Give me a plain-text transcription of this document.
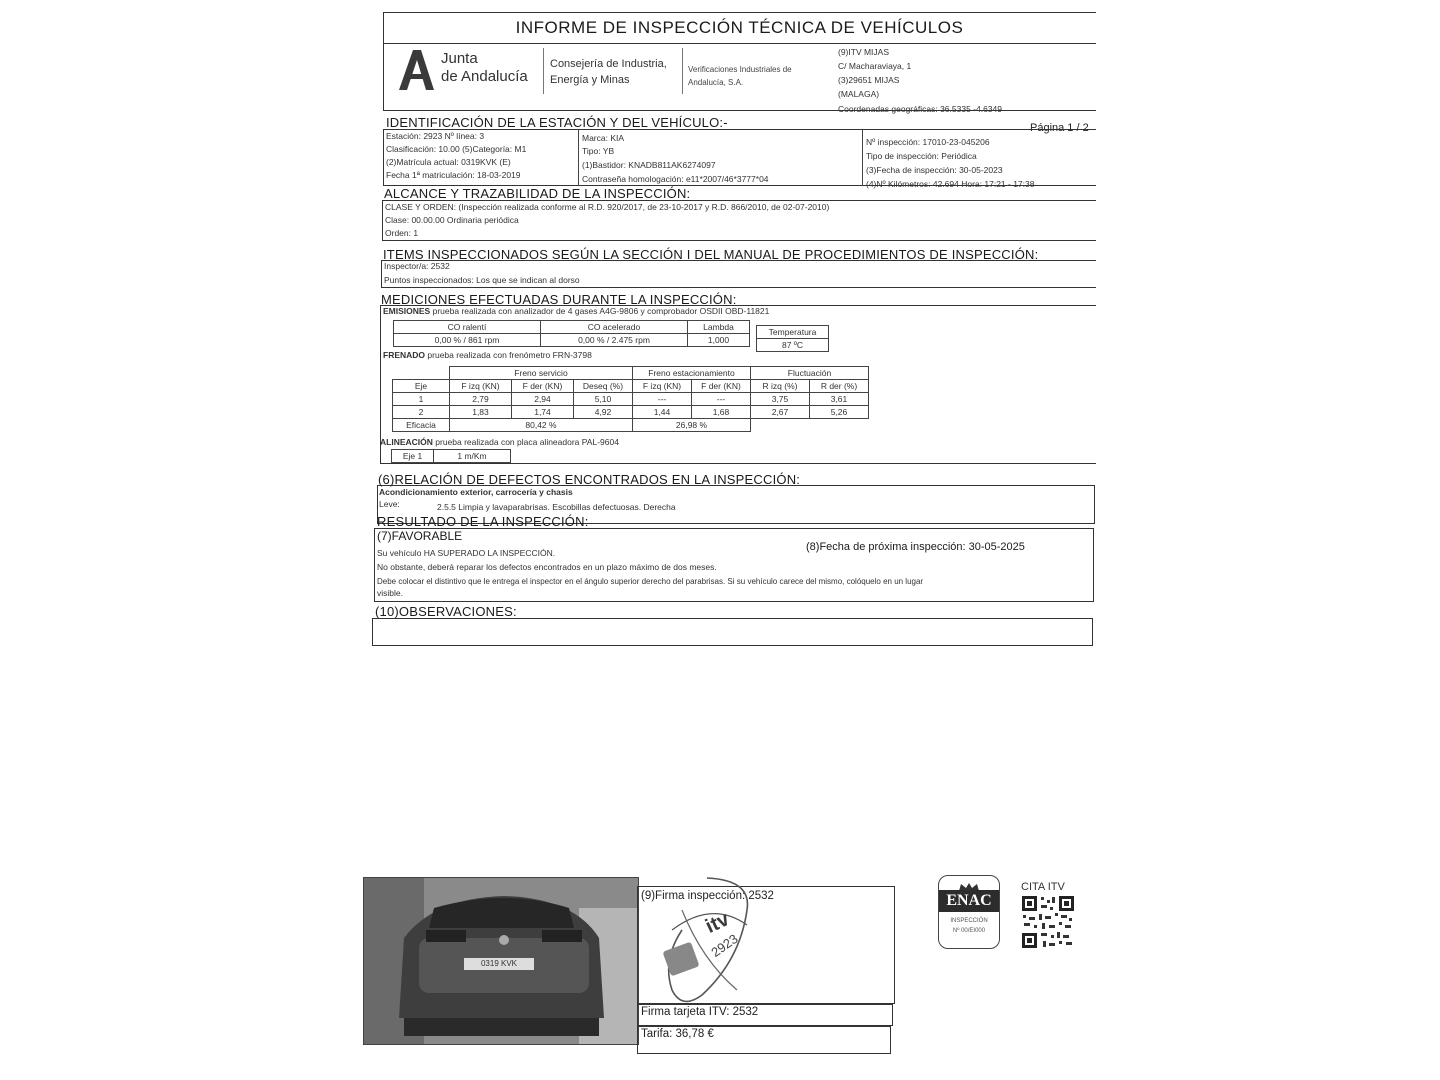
INFORME DE INSPECCIÓN TÉCNICA DE VEHÍCULOS
Junta
de Andalucía
Consejería de Industria,
Energía y Minas
Verificaciones Industriales de
Andalucía, S.A.
(9)ITV MIJAS
C/ Macharaviaya, 1
(3)29651 MIJAS
(MALAGA)
Coordenadas geográficas: 36.5335 -4.6349
IDENTIFICACIÓN DE LA ESTACIÓN Y DEL VEHÍCULO:-	Página 1 / 2
Estación: 2923 Nº línea: 3
Clasificación: 10.00 (5)Categoría: M1
(2)Matrícula actual: 0319KVK (E)
Fecha 1ª matriculación: 18-03-2019
Marca: KIA
Tipo: YB
(1)Bastidor: KNADB811AK6274097
Contraseña homologación: e11*2007/46*3777*04
Nº inspección: 17010-23-045206
Tipo de inspección: Periódica
(3)Fecha de inspección: 30-05-2023
(4)Nº Kilómetros: 42.694 Hora: 17:21 - 17:38
ALCANCE Y TRAZABILIDAD DE LA INSPECCIÓN:
CLASE Y ORDEN: (Inspección realizada conforme al R.D. 920/2017, de 23-10-2017 y R.D. 866/2010, de 02-07-2010)
Clase: 00.00.00 Ordinaria periódica
Orden: 1
ITEMS INSPECCIONADOS SEGÚN LA SECCIÓN I DEL MANUAL DE PROCEDIMIENTOS DE INSPECCIÓN:
Inspector/a: 2532
Puntos inspeccionados: Los que se indican al dorso
MEDICIONES EFECTUADAS DURANTE LA INSPECCIÓN:
EMISIONES prueba realizada con analizador de 4 gases A4G-9806 y comprobador OSDII OBD-11821
CO ralentí	CO acelerado	Lambda
0,00 % / 861 rpm	0,00 % / 2.475 rpm	1,000
Temperatura
87 ºC
FRENADO prueba realizada con frenómetro FRN-3798
	Freno servicio			Freno estacionamiento		Fluctuación	
Eje	F izq (KN)	F der (KN)	Deseq (%)	F izq (KN)	F der (KN)	R izq (%)	R der (%)
1	2,79	2,94	5,10	---	---	3,75	3,61
2	1,83	1,74	4,92	1,44	1,68	2,67	5,26
Eficacia	80,42 %			26,98 %			
ALINEACIÓN prueba realizada con placa alineadora PAL-9604
Eje 1	1 m/Km
(6)RELACIÓN DE DEFECTOS ENCONTRADOS EN LA INSPECCIÓN:
Acondicionamiento exterior, carrocería y chasis
Leve:	2.5.5 Limpia y lavaparabrisas. Escobillas defectuosas. Derecha
RESULTADO DE LA INSPECCIÓN:
(7)FAVORABLE
(8)Fecha de próxima inspección: 30-05-2025
Su vehículo HA SUPERADO LA INSPECCIÓN.
No obstante, deberá reparar los defectos encontrados en un plazo máximo de dos meses.
Debe colocar el distintivo que le entrega el inspector en el ángulo superior derecho del parabrisas. Si su vehículo carece del mismo, colóquelo en un lugar
visible.
(10)OBSERVACIONES:
0319 KVK
(9)Firma inspección: 2532
itv
2923
Firma tarjeta ITV: 2532
Tarifa: 36,78 €
ENAC
INSPECCIÓN
Nº 00/EI000
CITA ITV
